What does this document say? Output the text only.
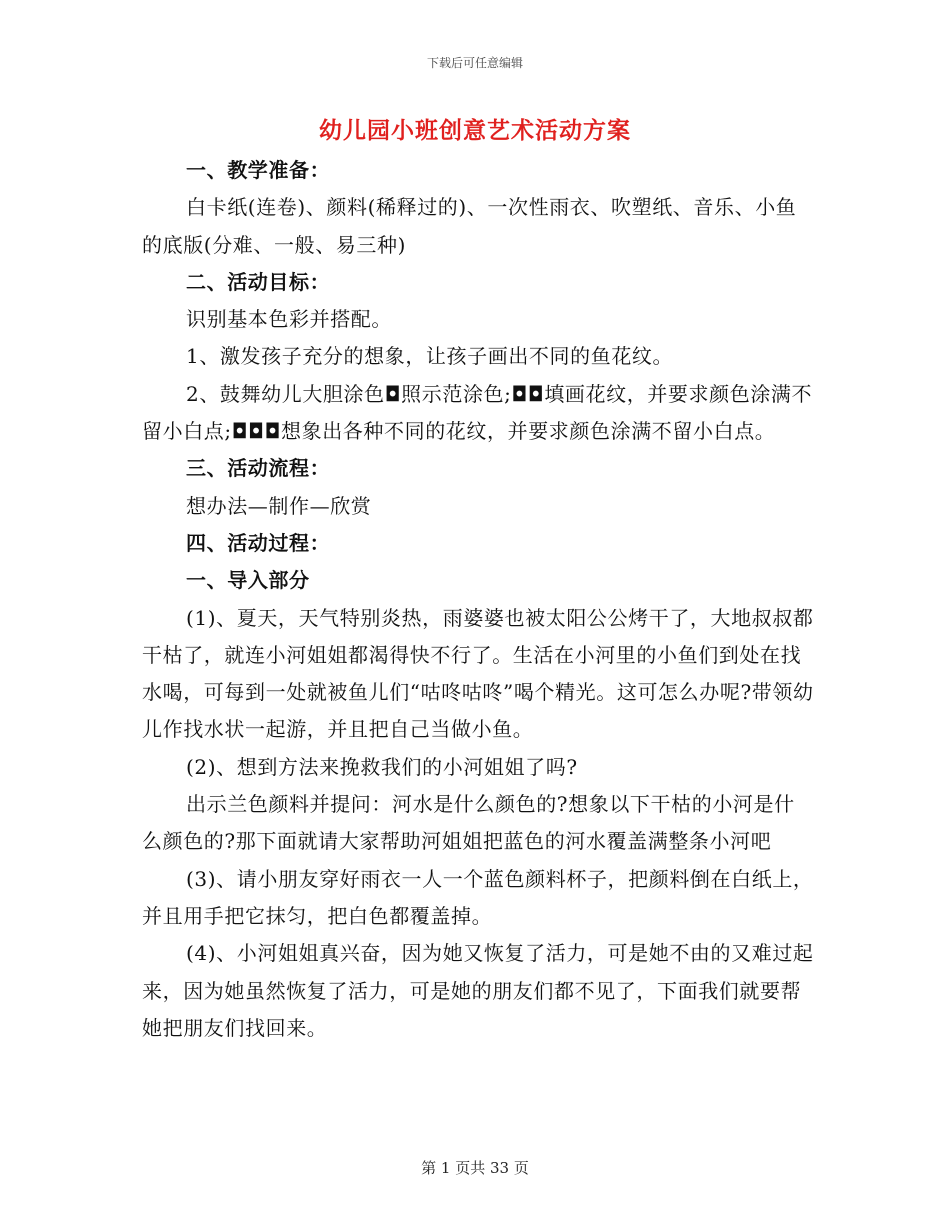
下载后可任意编辑
幼儿园小班创意艺术活动方案

一、教学准备：

白卡纸(连卷)、颜料(稀释过的)、一次性雨衣、吹塑纸、音乐、小鱼的底版(分难、一般、易三种)

二、活动目标：

识别基本色彩并搭配。

1、激发孩子充分的想象，让孩子画出不同的鱼花纹。

2、鼓舞幼儿大胆涂色◘照示范涂色;◘◘填画花纹，并要求颜色涂满不留小白点;◘◘◘想象出各种不同的花纹，并要求颜色涂满不留小白点。

三、活动流程：

想办法—制作—欣赏

四、活动过程：

一、导入部分

(1)、夏天，天气特别炎热，雨婆婆也被太阳公公烤干了，大地叔叔都干枯了，就连小河姐姐都渴得快不行了。生活在小河里的小鱼们到处在找水喝，可每到一处就被鱼儿们“咕咚咕咚”喝个精光。这可怎么办呢?带领幼儿作找水状一起游，并且把自己当做小鱼。

(2)、想到方法来挽救我们的小河姐姐了吗?

出示兰色颜料并提问：河水是什么颜色的?想象以下干枯的小河是什么颜色的?那下面就请大家帮助河姐姐把蓝色的河水覆盖满整条小河吧

(3)、请小朋友穿好雨衣一人一个蓝色颜料杯子，把颜料倒在白纸上，并且用手把它抹匀，把白色都覆盖掉。

(4)、小河姐姐真兴奋，因为她又恢复了活力，可是她不由的又难过起来，因为她虽然恢复了活力，可是她的朋友们都不见了，下面我们就要帮她把朋友们找回来。

第 1 页共 33 页
